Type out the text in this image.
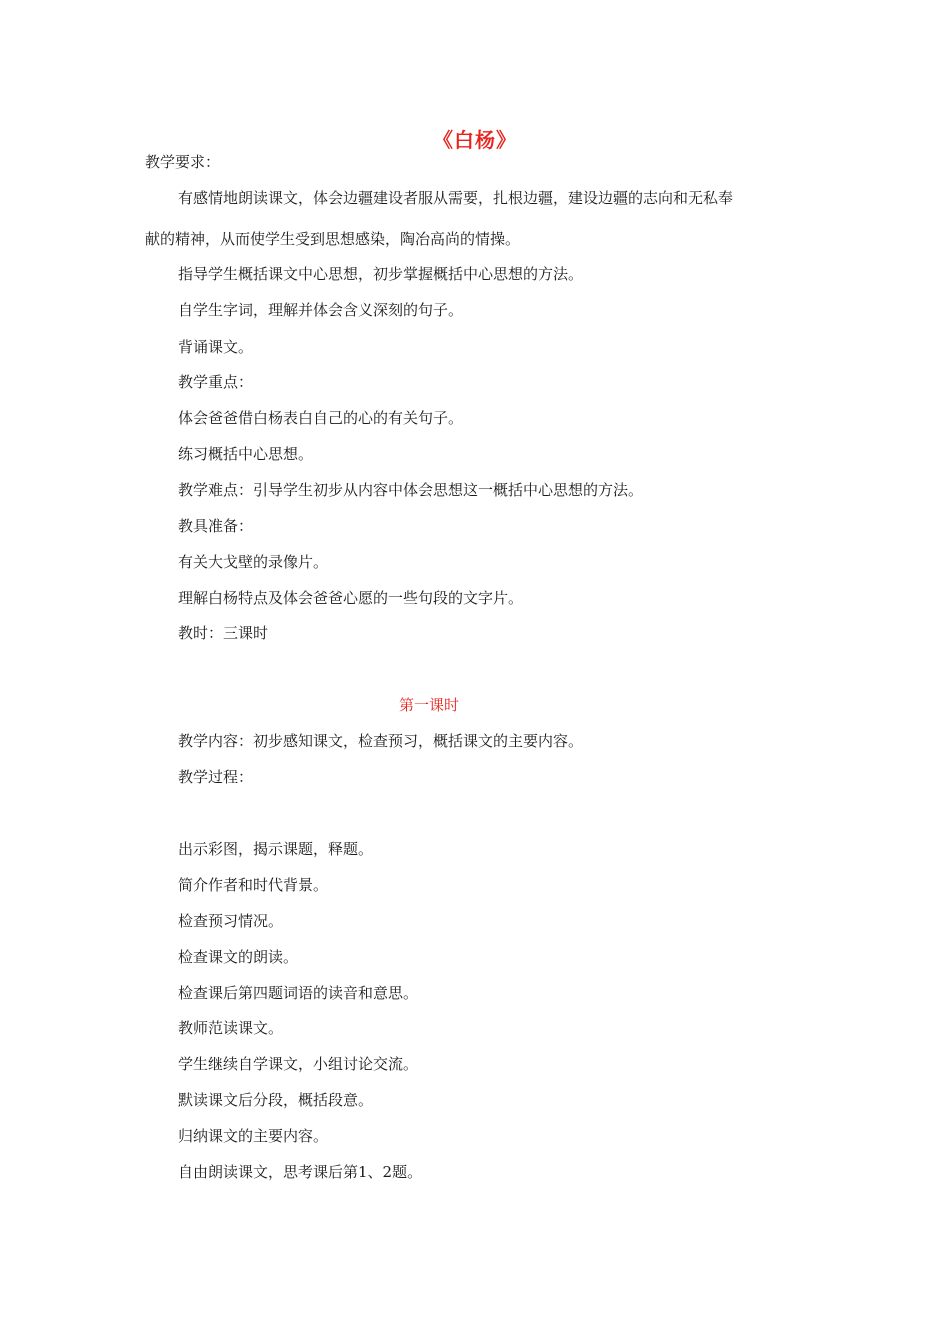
《白杨》
教学要求：
有感情地朗读课文，体会边疆建设者服从需要，扎根边疆，建设边疆的志向和无私奉
献的精神，从而使学生受到思想感染，陶冶高尚的情操。
指导学生概括课文中心思想，初步掌握概括中心思想的方法。
自学生字词，理解并体会含义深刻的句子。
背诵课文。
教学重点：
体会爸爸借白杨表白自己的心的有关句子。
练习概括中心思想。
教学难点：引导学生初步从内容中体会思想这一概括中心思想的方法。
教具准备：
有关大戈壁的录像片。
理解白杨特点及体会爸爸心愿的一些句段的文字片。
教时：三课时
第一课时
教学内容：初步感知课文，检查预习，概括课文的主要内容。
教学过程：
出示彩图，揭示课题，释题。
简介作者和时代背景。
检查预习情况。
检查课文的朗读。
检查课后第四题词语的读音和意思。
教师范读课文。
学生继续自学课文，小组讨论交流。
默读课文后分段，概括段意。
归纳课文的主要内容。
自由朗读课文，思考课后第1、2题。
